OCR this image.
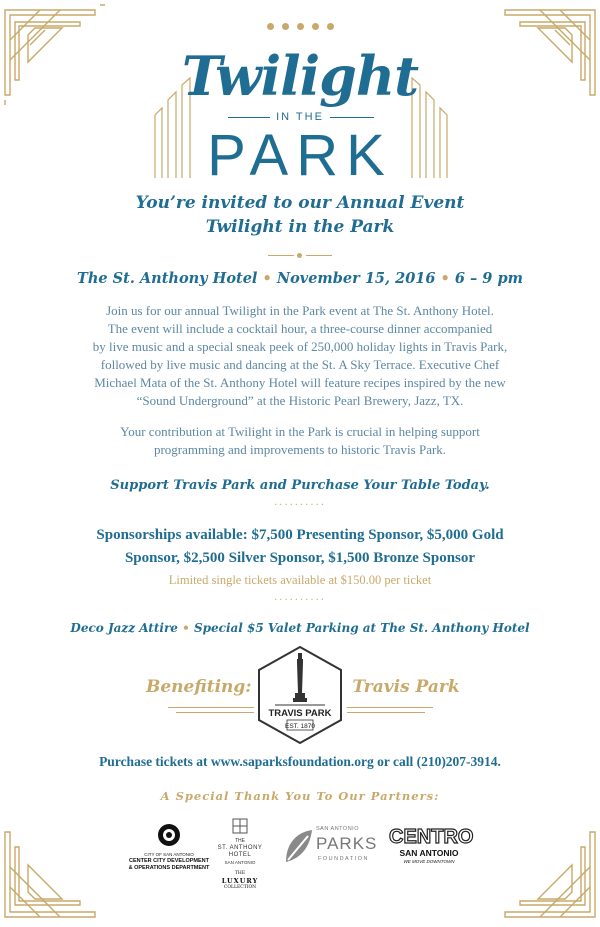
Twilight
IN THE
PARK
You’re invited to our Annual Event
Twilight in the Park
The St. Anthony Hotel • November 15, 2016 • 6 – 9 pm
Join us for our annual Twilight in the Park event at The St. Anthony Hotel.
The event will include a cocktail hour, a three-course dinner accompanied
by live music and a special sneak peek of 250,000 holiday lights in Travis Park,
followed by live music and dancing at the St. A Sky Terrace. Executive Chef
Michael Mata of the St. Anthony Hotel will feature recipes inspired by the new
“Sound Underground” at the Historic Pearl Brewery, Jazz, TX.
Your contribution at Twilight in the Park is crucial in helping support
programming and improvements to historic Travis Park.
Support Travis Park and Purchase Your Table Today.
..........
Sponsorships available: $7,500 Presenting Sponsor, $5,000 Gold
Sponsor, $2,500 Silver Sponsor, $1,500 Bronze Sponsor
Limited single tickets available at $150.00 per ticket
..........
Deco Jazz Attire • Special $5 Valet Parking at The St. Anthony Hotel
Benefiting:	Travis Park
TRAVIS PARK
EST. 1870
Purchase tickets at www.saparksfoundation.org or call (210)207-3914.
A Special Thank You To Our Partners:
CITY OF SAN ANTONIO
CENTER CITY DEVELOPMENT
& OPERATIONS DEPARTMENT
THE
ST. ANTHONY
HOTEL
SAN ANTONIO
THE
LUXURY
COLLECTION
SAN ANTONIO
PARKS
FOUNDATION
CENTRO
SAN ANTONIO
WE MOVE DOWNTOWN
